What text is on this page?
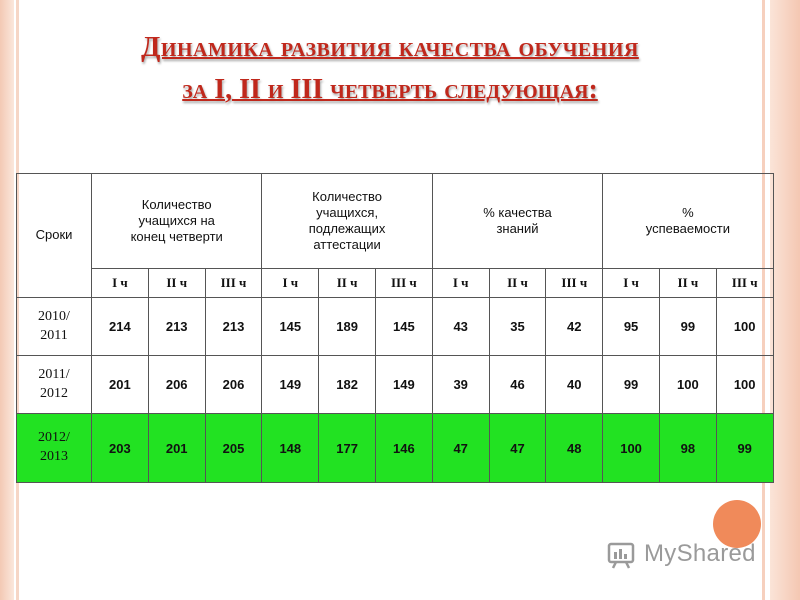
Динамика развития качества обучения
за I, II и III четверть следующая:
Сроки	Количество учащихся на конец четверти			Количество учащихся, подлежащих аттестации			% качества знаний			% успеваемости		
	I ч	II ч	III ч	I ч	II ч	III ч	I ч	II ч	III ч	I ч	II ч	III ч
2010/
2011	214	213	213	145	189	145	43	35	42	95	99	100
2011/
2012	201	206	206	149	182	149	39	46	40	99	100	100
2012/
2013	203	201	205	148	177	146	47	47	48	100	98	99
MyShared
